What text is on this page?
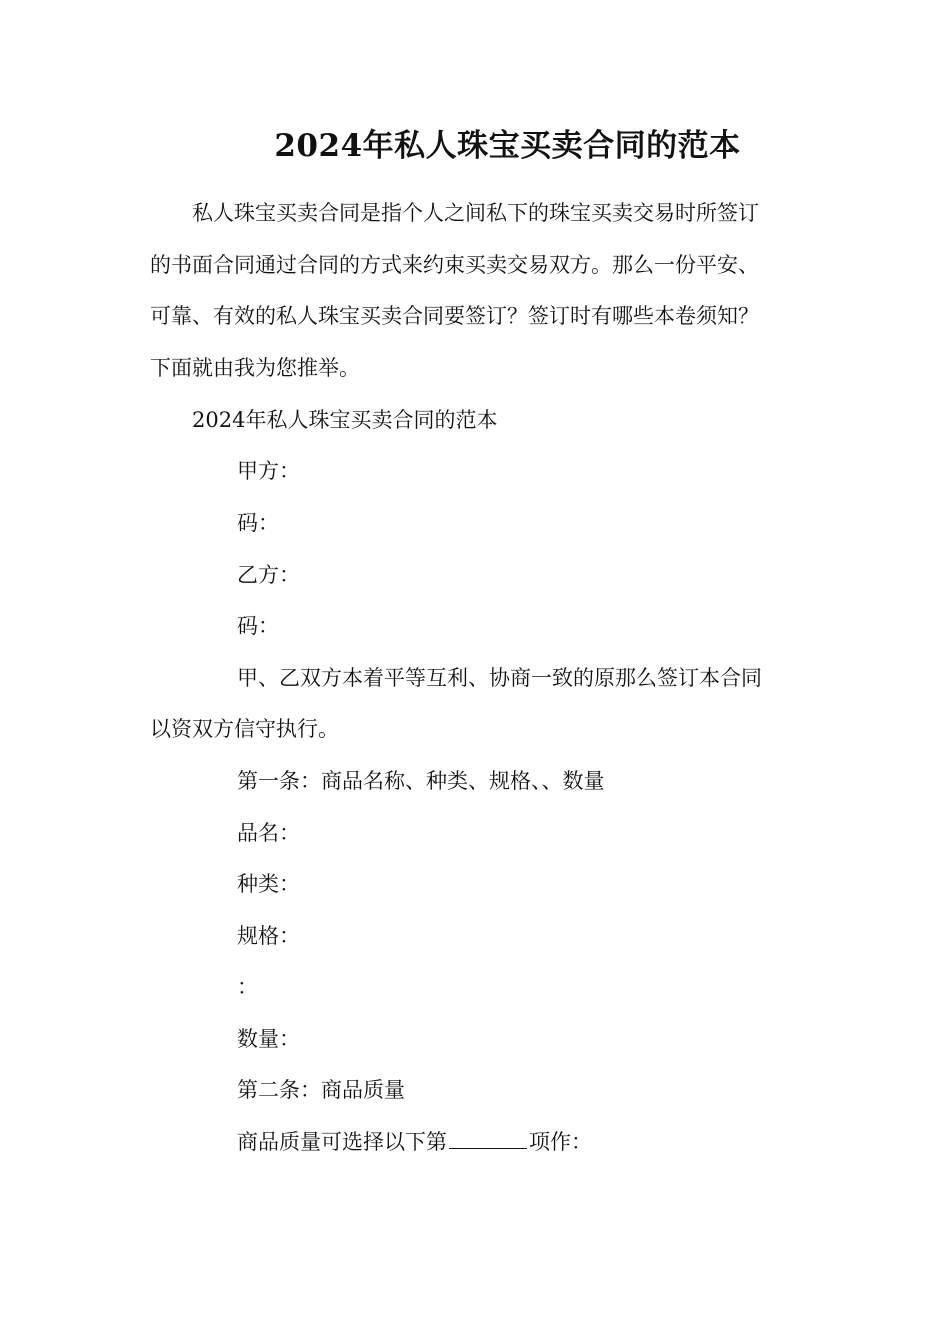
2024年私人珠宝买卖合同的范本
私人珠宝买卖合同是指个人之间私下的珠宝买卖交易时所签订
的书面合同通过合同的方式来约束买卖交易双方。那么一份平安、
可靠、有效的私人珠宝买卖合同要签订？签订时有哪些本卷须知？
下面就由我为您推举。
2024年私人珠宝买卖合同的范本
甲方：
码：
乙方：
码：
甲、乙双方本着平等互利、协商一致的原那么签订本合同
以资双方信守执行。
第一条：商品名称、种类、规格、、数量
品名：
种类：
规格：
：
数量：
第二条：商品质量
商品质量可选择以下第	项作：
